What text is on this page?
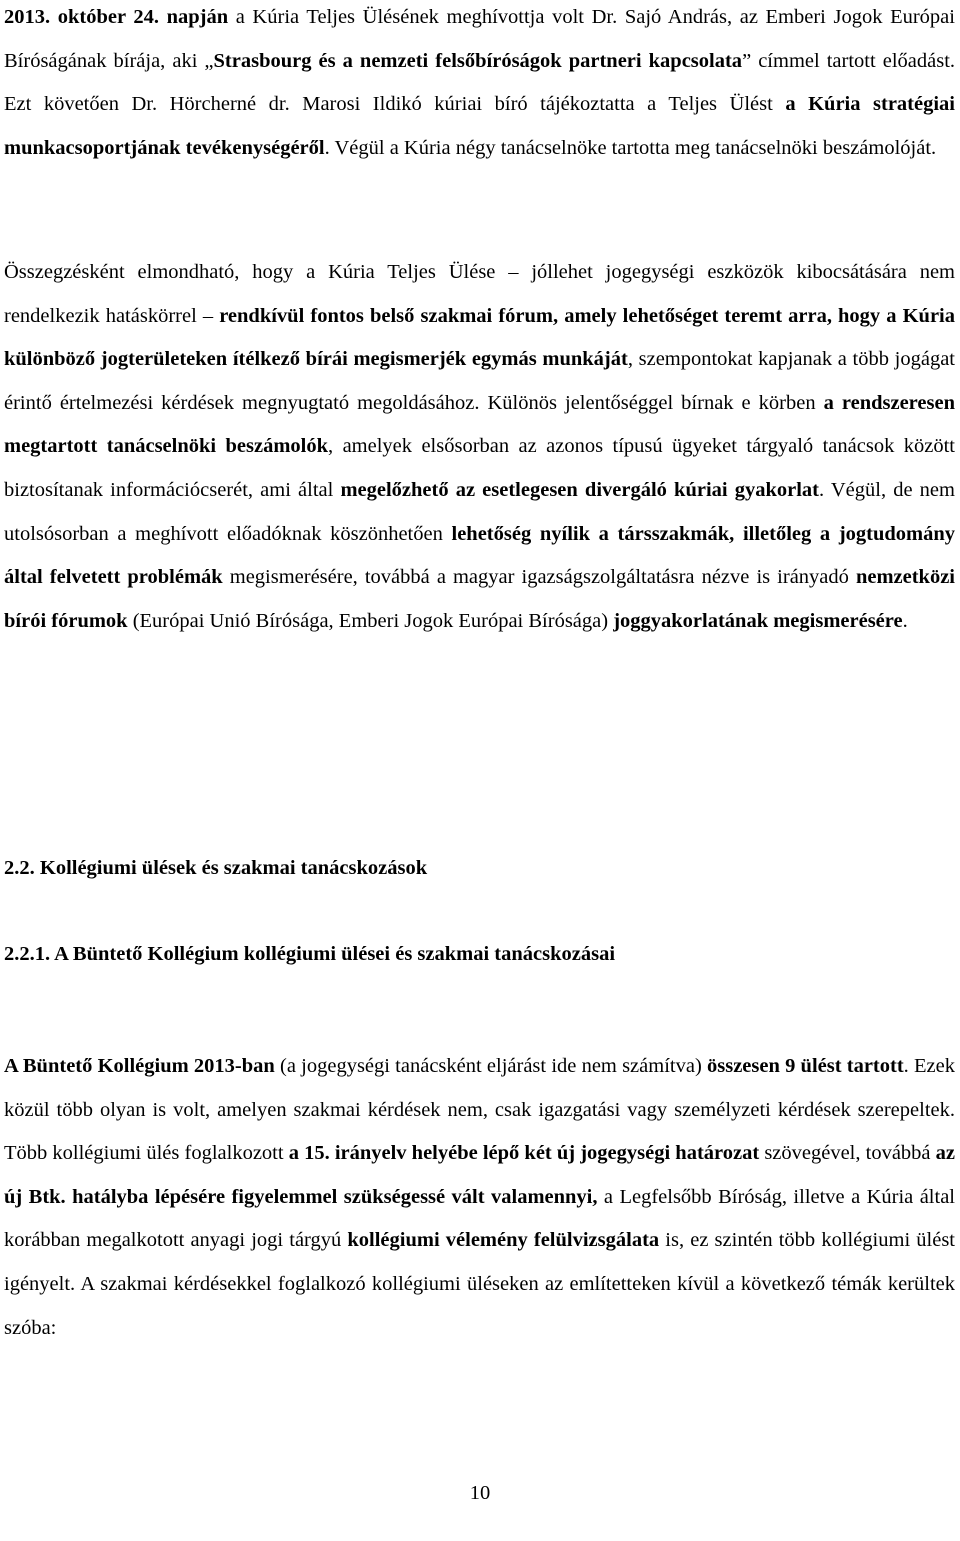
2013. október 24. napján a Kúria Teljes Ülésének meghívottja volt Dr. Sajó András, az Emberi Jogok Európai Bíróságának bírája, aki „Strasbourg és a nemzeti felsőbíróságok partneri kapcsolata” címmel tartott előadást. Ezt követően Dr. Hörcherné dr. Marosi Ildikó kúriai bíró tájékoztatta a Teljes Ülést a Kúria stratégiai munkacsoportjának tevékenységéről. Végül a Kúria négy tanácselnöke tartotta meg tanácselnöki beszámolóját.

Összegzésként elmondható, hogy a Kúria Teljes Ülése – jóllehet jogegységi eszközök kibocsátására nem rendelkezik hatáskörrel – rendkívül fontos belső szakmai fórum, amely lehetőséget teremt arra, hogy a Kúria különböző jogterületeken ítélkező bírái megismerjék egymás munkáját, szempontokat kapjanak a több jogágat érintő értelmezési kérdések megnyugtató megoldásához. Különös jelentőséggel bírnak e körben a rendszeresen megtartott tanácselnöki beszámolók, amelyek elsősorban az azonos típusú ügyeket tárgyaló tanácsok között biztosítanak információcserét, ami által megelőzhető az esetlegesen divergáló kúriai gyakorlat. Végül, de nem utolsósorban a meghívott előadóknak köszönhetően lehetőség nyílik a társszakmák, illetőleg a jogtudomány által felvetett problémák megismerésére, továbbá a magyar igazságszolgáltatásra nézve is irányadó nemzetközi bírói fórumok (Európai Unió Bírósága, Emberi Jogok Európai Bírósága) joggyakorlatának megismerésére.

2.2. Kollégiumi ülések és szakmai tanácskozások
2.2.1. A Büntető Kollégium kollégiumi ülései és szakmai tanácskozásai

A Büntető Kollégium 2013-ban (a jogegységi tanácsként eljárást ide nem számítva) összesen 9 ülést tartott. Ezek közül több olyan is volt, amelyen szakmai kérdések nem, csak igazgatási vagy személyzeti kérdések szerepeltek. Több kollégiumi ülés foglalkozott a 15. irányelv helyébe lépő két új jogegységi határozat szövegével, továbbá az új Btk. hatályba lépésére figyelemmel szükségessé vált valamennyi, a Legfelsőbb Bíróság, illetve a Kúria által korábban megalkotott anyagi jogi tárgyú kollégiumi vélemény felülvizsgálata is, ez szintén több kollégiumi ülést igényelt. A szakmai kérdésekkel foglalkozó kollégiumi üléseken az említetteken kívül a következő témák kerültek szóba:

10
